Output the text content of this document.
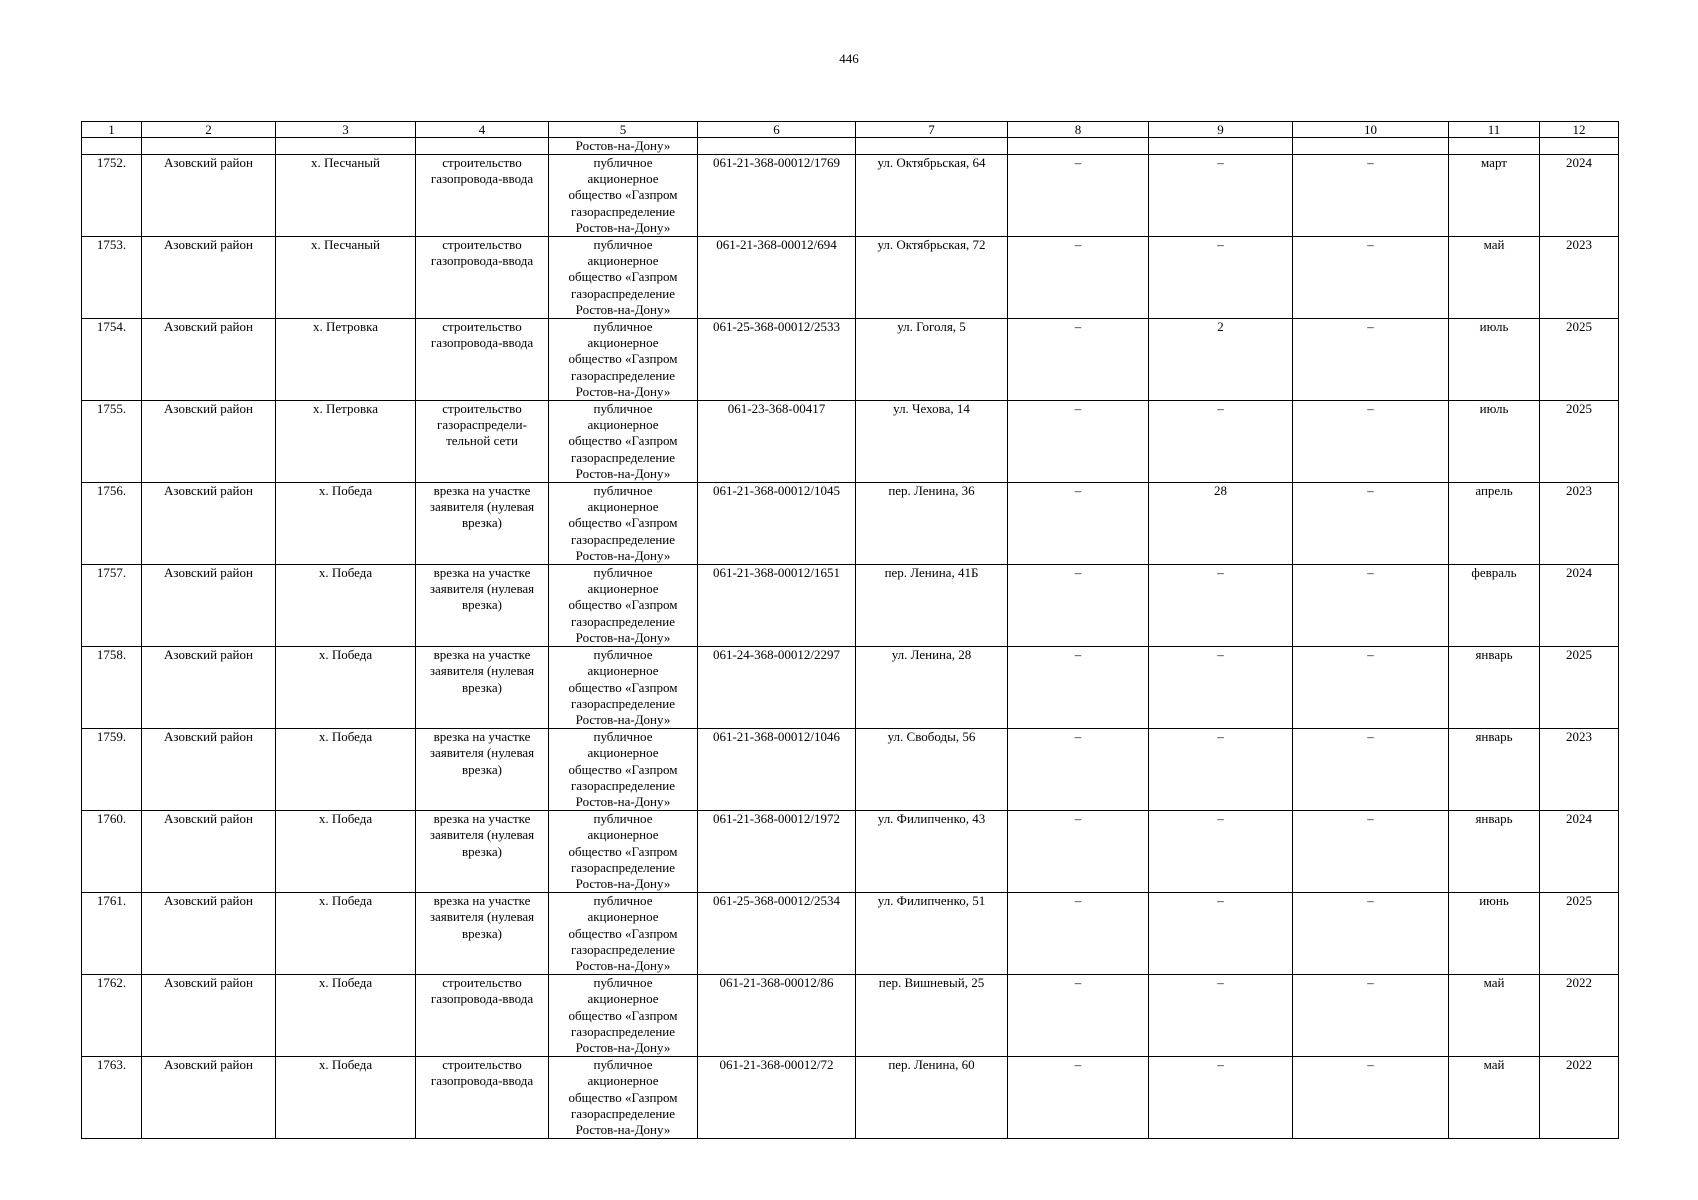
446
1	2	3	4	5	6	7	8	9	10	11	12
				Ростов-на-Дону»							
1752.	Азовский район	х. Песчаный	строительство газопровода-ввода	публичное
акционерное
общество «Газпром
газораспределение
Ростов-на-Дону»	061-21-368-00012/1769	ул. Октябрьская, 64	–	–	–	март	2024
1753.	Азовский район	х. Песчаный	строительство газопровода-ввода	публичное
акционерное
общество «Газпром
газораспределение
Ростов-на-Дону»	061-21-368-00012/694	ул. Октябрьская, 72	–	–	–	май	2023
1754.	Азовский район	х. Петровка	строительство газопровода-ввода	публичное
акционерное
общество «Газпром
газораспределение
Ростов-на-Дону»	061-25-368-00012/2533	ул. Гоголя, 5	–	2	–	июль	2025
1755.	Азовский район	х. Петровка	строительство газораспредели-тельной сети	публичное
акционерное
общество «Газпром
газораспределение
Ростов-на-Дону»	061-23-368-00417	ул. Чехова, 14	–	–	–	июль	2025
1756.	Азовский район	х. Победа	врезка на участке заявителя (нулевая врезка)	публичное
акционерное
общество «Газпром
газораспределение
Ростов-на-Дону»	061-21-368-00012/1045	пер. Ленина, 36	–	28	–	апрель	2023
1757.	Азовский район	х. Победа	врезка на участке заявителя (нулевая врезка)	публичное
акционерное
общество «Газпром
газораспределение
Ростов-на-Дону»	061-21-368-00012/1651	пер. Ленина, 41Б	–	–	–	февраль	2024
1758.	Азовский район	х. Победа	врезка на участке заявителя (нулевая врезка)	публичное
акционерное
общество «Газпром
газораспределение
Ростов-на-Дону»	061-24-368-00012/2297	ул. Ленина, 28	–	–	–	январь	2025
1759.	Азовский район	х. Победа	врезка на участке заявителя (нулевая врезка)	публичное
акционерное
общество «Газпром
газораспределение
Ростов-на-Дону»	061-21-368-00012/1046	ул. Свободы, 56	–	–	–	январь	2023
1760.	Азовский район	х. Победа	врезка на участке заявителя (нулевая врезка)	публичное
акционерное
общество «Газпром
газораспределение
Ростов-на-Дону»	061-21-368-00012/1972	ул. Филипченко, 43	–	–	–	январь	2024
1761.	Азовский район	х. Победа	врезка на участке заявителя (нулевая врезка)	публичное
акционерное
общество «Газпром
газораспределение
Ростов-на-Дону»	061-25-368-00012/2534	ул. Филипченко, 51	–	–	–	июнь	2025
1762.	Азовский район	х. Победа	строительство газопровода-ввода	публичное
акционерное
общество «Газпром
газораспределение
Ростов-на-Дону»	061-21-368-00012/86	пер. Вишневый, 25	–	–	–	май	2022
1763.	Азовский район	х. Победа	строительство газопровода-ввода	публичное
акционерное
общество «Газпром
газораспределение
Ростов-на-Дону»	061-21-368-00012/72	пер. Ленина, 60	–	–	–	май	2022
